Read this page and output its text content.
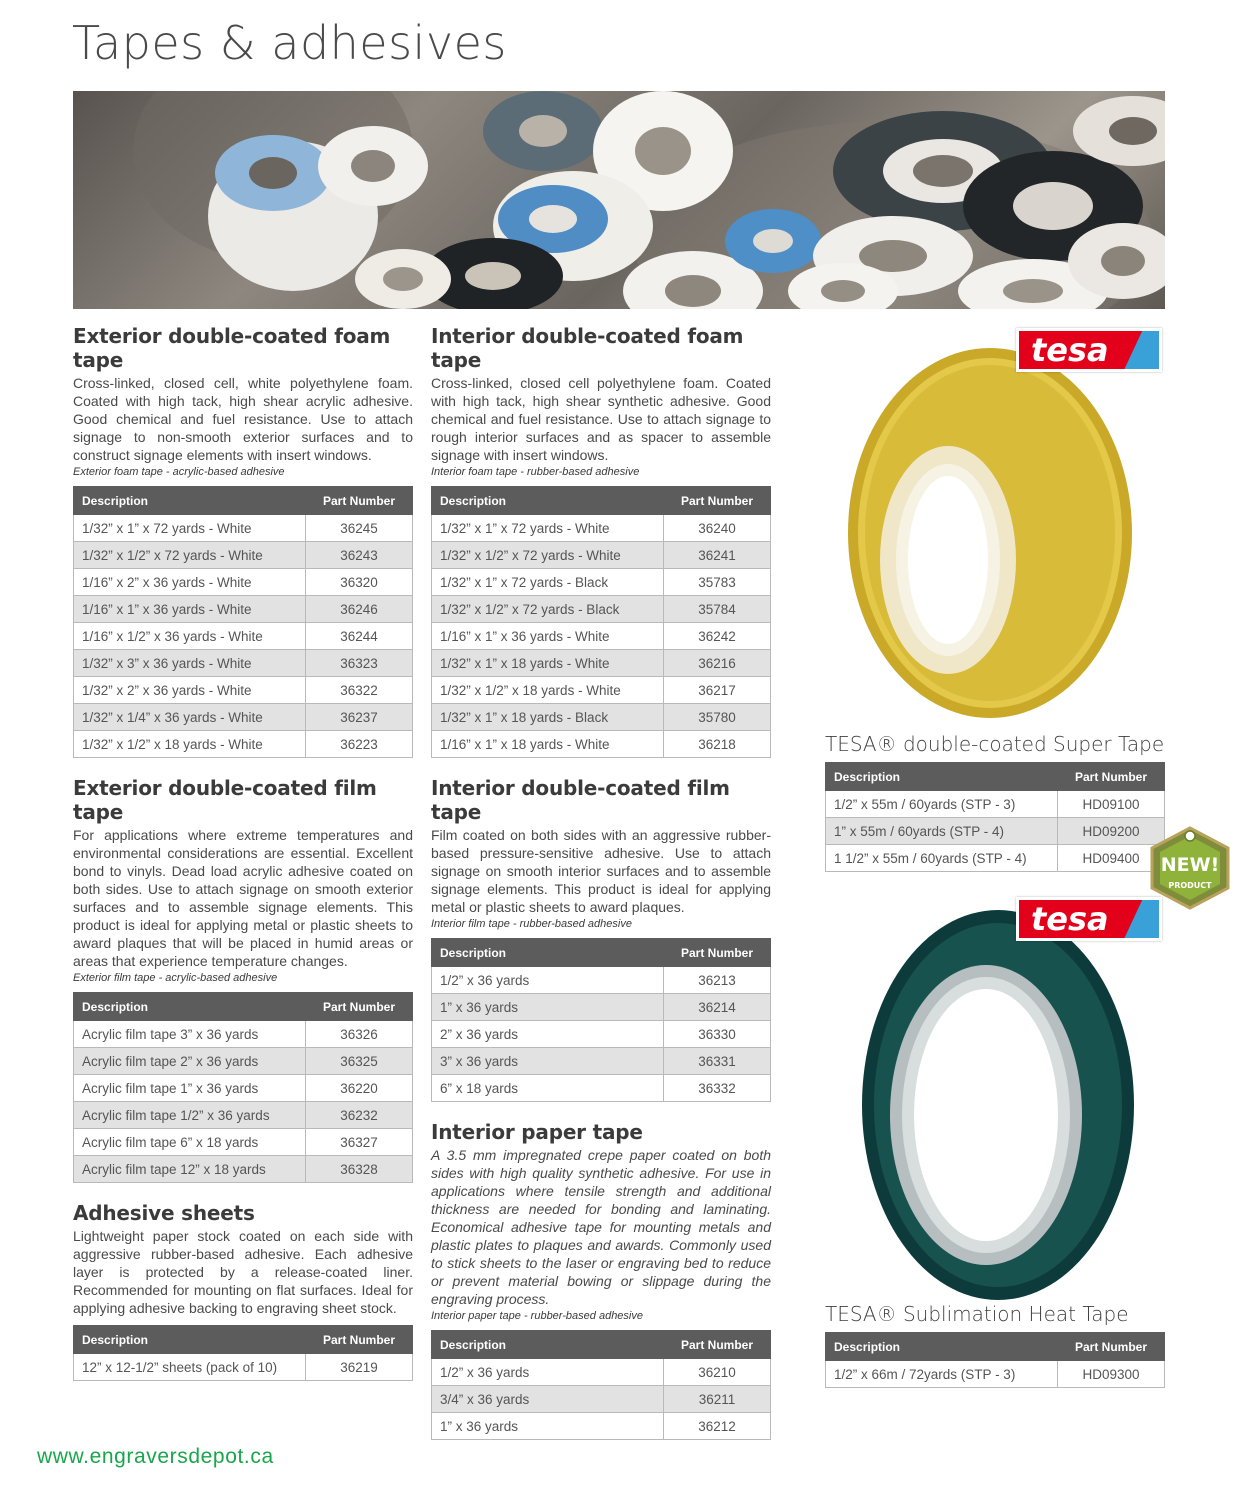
Tapes & adhesives
Exterior double-coated foam tape

Cross-linked, closed cell, white polyethylene foam. Coated with high tack, high shear acrylic adhesive. Good chemical and fuel resistance. Use to attach signage to non-smooth exterior surfaces and to construct signage elements with insert windows.

Exterior foam tape - acrylic-based adhesive

Description	Part Number
1/32” x 1” x 72 yards - White	36245
1/32” x 1/2” x 72 yards - White	36243
1/16” x 2” x 36 yards - White	36320
1/16” x 1” x 36 yards - White	36246
1/16” x 1/2” x 36 yards - White	36244
1/32” x 3” x 36 yards - White	36323
1/32” x 2” x 36 yards - White	36322
1/32” x 1/4” x 36 yards - White	36237
1/32” x 1/2” x 18 yards - White	36223
Exterior double-coated film tape

For applications where extreme temperatures and environmental considerations are essential. Excellent bond to vinyls. Dead load acrylic adhesive coated on both sides. Use to attach signage on smooth exterior surfaces and to assemble signage elements. This product is ideal for applying metal or plastic sheets to award plaques that will be placed in humid areas or areas that experience temperature changes.

Exterior film tape - acrylic-based adhesive

Description	Part Number
Acrylic film tape 3” x 36 yards	36326
Acrylic film tape 2” x 36 yards	36325
Acrylic film tape 1” x 36 yards	36220
Acrylic film tape 1/2” x 36 yards	36232
Acrylic film tape 6” x 18 yards	36327
Acrylic film tape 12” x 18 yards	36328
Adhesive sheets

Lightweight paper stock coated on each side with aggressive rubber-based adhesive. Each adhesive layer is protected by a release-coated liner. Recommended for mounting on flat surfaces. Ideal for applying adhesive backing to engraving sheet stock.

Description	Part Number
12” x 12-1/2” sheets (pack of 10)	36219
Interior double-coated foam tape

Cross-linked, closed cell polyethylene foam. Coated with high tack, high shear synthetic adhesive. Good chemical and fuel resistance. Use to attach signage to rough interior surfaces and as spacer to assemble signage with insert windows.

Interior foam tape - rubber-based adhesive

Description	Part Number
1/32” x 1” x 72 yards - White	36240
1/32” x 1/2” x 72 yards - White	36241
1/32” x 1” x 72 yards - Black	35783
1/32” x 1/2” x 72 yards - Black	35784
1/16” x 1” x 36 yards - White	36242
1/32” x 1” x 18 yards - White	36216
1/32” x 1/2” x 18 yards - White	36217
1/32” x 1” x 18 yards - Black	35780
1/16” x 1” x 18 yards - White	36218
Interior double-coated film tape

Film coated on both sides with an aggressive rubber-based pressure-sensitive adhesive. Use to attach signage on smooth interior surfaces and to assemble signage elements. This product is ideal for applying metal or plastic sheets to award plaques.

Interior film tape - rubber-based adhesive

Description	Part Number
1/2” x 36 yards	36213
1” x 36 yards	36214
2” x 36 yards	36330
3” x 36 yards	36331
6” x 18 yards	36332
Interior paper tape

A 3.5 mm impregnated crepe paper coated on both sides with high quality synthetic adhesive. For use in applications where tensile strength and additional thickness are needed for bonding and laminating. Economical adhesive tape for mounting metals and plastic plates to plaques and awards. Commonly used to stick sheets to the laser or engraving bed to reduce or prevent material bowing or slippage during the engraving process.

Interior paper tape - rubber-based adhesive

Description	Part Number
1/2” x 36 yards	36210
3/4” x 36 yards	36211
1” x 36 yards	36212
tesa
TESA® double-coated Super Tape
Description	Part Number
1/2” x 55m / 60yards (STP - 3)	HD09100
1” x 55m / 60yards (STP - 4)	HD09200
1 1/2” x 55m / 60yards (STP - 4)	HD09400 NEW!
PRODUCT
tesa
TESA® Sublimation Heat Tape
Description	Part Number
1/2” x 66m / 72yards (STP - 3)	HD09300
www.engraversdepot.ca
